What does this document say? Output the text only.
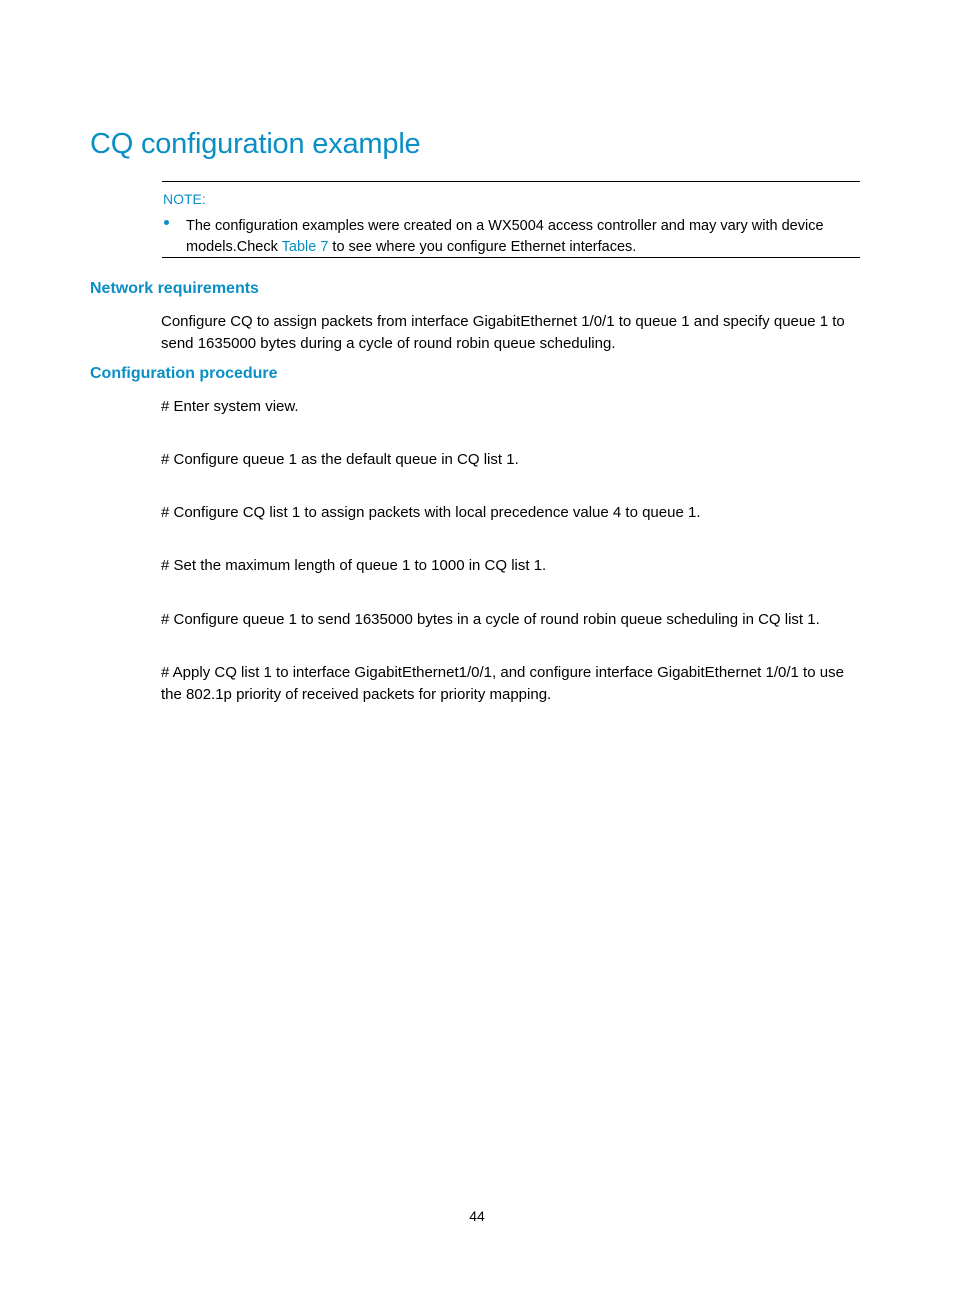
CQ configuration example
NOTE:

The configuration examples were created on a WX5004 access controller and may vary with device models.Check Table 7 to see where you configure Ethernet interfaces.

Network requirements

Configure CQ to assign packets from interface GigabitEthernet 1/0/1 to queue 1 and specify queue 1 to send 1635000 bytes during a cycle of round robin queue scheduling.

Configuration procedure

# Enter system view.

# Configure queue 1 as the default queue in CQ list 1.

# Configure CQ list 1 to assign packets with local precedence value 4 to queue 1.

# Set the maximum length of queue 1 to 1000 in CQ list 1.

# Configure queue 1 to send 1635000 bytes in a cycle of round robin queue scheduling in CQ list 1.

# Apply CQ list 1 to interface GigabitEthernet1/0/1, and configure interface GigabitEthernet 1/0/1 to use the 802.1p priority of received packets for priority mapping.

44
